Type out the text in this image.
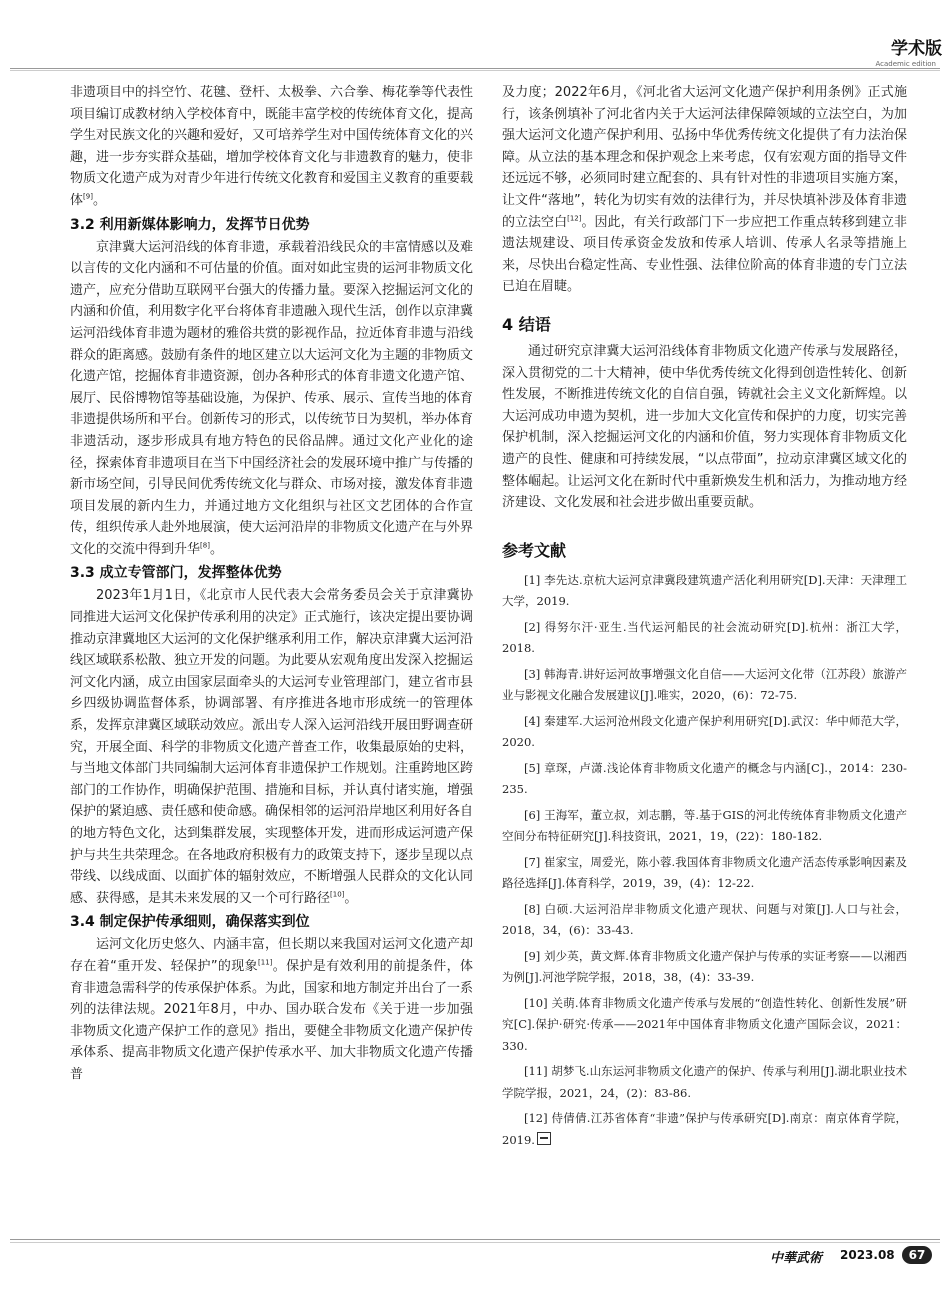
学术版
Academic edition

非遗项目中的抖空竹、花毽、登杆、太极拳、六合拳、梅花拳等代表性项目编订成教材纳入学校体育中，既能丰富学校的传统体育文化，提高学生对民族文化的兴趣和爱好，又可培养学生对中国传统体育文化的兴趣，进一步夯实群众基础，增加学校体育文化与非遗教育的魅力，使非物质文化遗产成为对青少年进行传统文化教育和爱国主义教育的重要载体[9]。

3.2 利用新媒体影响力，发挥节日优势

京津冀大运河沿线的体育非遗，承载着沿线民众的丰富情感以及难以言传的文化内涵和不可估量的价值。面对如此宝贵的运河非物质文化遗产，应充分借助互联网平台强大的传播力量。要深入挖掘运河文化的内涵和价值，利用数字化平台将体育非遗融入现代生活，创作以京津冀运河沿线体育非遗为题材的雅俗共赏的影视作品，拉近体育非遗与沿线群众的距离感。鼓励有条件的地区建立以大运河文化为主题的非物质文化遗产馆，挖掘体育非遗资源，创办各种形式的体育非遗文化遗产馆、展厅、民俗博物馆等基础设施，为保护、传承、展示、宣传当地的体育非遗提供场所和平台。创新传习的形式，以传统节日为契机，举办体育非遗活动，逐步形成具有地方特色的民俗品牌。通过文化产业化的途径，探索体育非遗项目在当下中国经济社会的发展环境中推广与传播的新市场空间，引导民间优秀传统文化与群众、市场对接，激发体育非遗项目发展的新内生力，并通过地方文化组织与社区文艺团体的合作宣传，组织传承人赴外地展演，使大运河沿岸的非物质文化遗产在与外界文化的交流中得到升华[8]。

3.3 成立专管部门，发挥整体优势

2023年1月1日，《北京市人民代表大会常务委员会关于京津冀协同推进大运河文化保护传承利用的决定》正式施行，该决定提出要协调推动京津冀地区大运河的文化保护继承利用工作，解决京津冀大运河沿线区域联系松散、独立开发的问题。为此要从宏观角度出发深入挖掘运河文化内涵，成立由国家层面牵头的大运河专业管理部门，建立省市县乡四级协调监督体系，协调部署、有序推进各地市形成统一的管理体系，发挥京津冀区域联动效应。派出专人深入运河沿线开展田野调查研究，开展全面、科学的非物质文化遗产普查工作，收集最原始的史料，与当地文体部门共同编制大运河体育非遗保护工作规划。注重跨地区跨部门的工作协作，明确保护范围、措施和目标，并认真付诸实施，增强保护的紧迫感、责任感和使命感。确保相邻的运河沿岸地区利用好各自的地方特色文化，达到集群发展，实现整体开发，进而形成运河遗产保护与共生共荣理念。在各地政府积极有力的政策支持下，逐步呈现以点带线、以线成面、以面扩体的辐射效应，不断增强人民群众的文化认同感、获得感，是其未来发展的又一个可行路径[10]。

3.4 制定保护传承细则，确保落实到位

运河文化历史悠久、内涵丰富，但长期以来我国对运河文化遗产却存在着“重开发、轻保护”的现象[11]。保护是有效利用的前提条件，体育非遗急需科学的传承保护体系。为此，国家和地方制定并出台了一系列的法律法规。2021年8月，中办、国办联合发布《关于进一步加强非物质文化遗产保护工作的意见》指出，要健全非物质文化遗产保护传承体系、提高非物质文化遗产保护传承水平、加大非物质文化遗产传播普

及力度；2022年6月，《河北省大运河文化遗产保护利用条例》正式施行，该条例填补了河北省内关于大运河法律保障领域的立法空白，为加强大运河文化遗产保护利用、弘扬中华优秀传统文化提供了有力法治保障。从立法的基本理念和保护观念上来考虑，仅有宏观方面的指导文件还远远不够，必须同时建立配套的、具有针对性的非遗项目实施方案，让文件“落地”，转化为切实有效的法律行为，并尽快填补涉及体育非遗的立法空白[12]。因此，有关行政部门下一步应把工作重点转移到建立非遗法规建设、项目传承资金发放和传承人培训、传承人名录等措施上来，尽快出台稳定性高、专业性强、法律位阶高的体育非遗的专门立法已迫在眉睫。

4 结语

通过研究京津冀大运河沿线体育非物质文化遗产传承与发展路径，深入贯彻党的二十大精神，使中华优秀传统文化得到创造性转化、创新性发展，不断推进传统文化的自信自强，铸就社会主义文化新辉煌。以大运河成功申遗为契机，进一步加大文化宣传和保护的力度，切实完善保护机制，深入挖掘运河文化的内涵和价值，努力实现体育非物质文化遗产的良性、健康和可持续发展，“以点带面”，拉动京津冀区域文化的整体崛起。让运河文化在新时代中重新焕发生机和活力，为推动地方经济建设、文化发展和社会进步做出重要贡献。

参考文献

[1] 李先达.京杭大运河京津冀段建筑遗产活化利用研究[D].天津：天津理工大学，2019.

[2] 得努尔汗·亚生.当代运河船民的社会流动研究[D].杭州：浙江大学，2018.

[3] 韩海青.讲好运河故事增强文化自信——大运河文化带（江苏段）旅游产业与影视文化融合发展建议[J].唯实，2020，(6)：72-75.

[4] 秦建军.大运河沧州段文化遗产保护利用研究[D].武汉：华中师范大学，2020.

[5] 章琛，卢潇.浅论体育非物质文化遗产的概念与内涵[C].，2014：230-235.

[6] 王海军，董立叔，刘志鹏，等.基于GIS的河北传统体育非物质文化遗产空间分布特征研究[J].科技资讯，2021，19，(22)：180-182.

[7] 崔家宝，周爱光，陈小蓉.我国体育非物质文化遗产活态传承影响因素及路径选择[J].体育科学，2019，39，(4)：12-22.

[8] 白硕.大运河沿岸非物质文化遗产现状、问题与对策[J].人口与社会，2018，34，(6)：33-43.

[9] 刘少英，黄文辉.体育非物质文化遗产保护与传承的实证考察——以湘西为例[J].河池学院学报，2018，38，(4)：33-39.

[10] 关萌.体育非物质文化遗产传承与发展的“创造性转化、创新性发展”研究[C].保护·研究·传承——2021年中国体育非物质文化遗产国际会议，2021：330.

[11] 胡梦飞.山东运河非物质文化遗产的保护、传承与利用[J].湖北职业技术学院学报，2021，24，(2)：83-86.

[12] 侍倩倩.江苏省体育“非遗”保护与传承研究[D].南京：南京体育学院，2019.

中華武術 2023.08	67
